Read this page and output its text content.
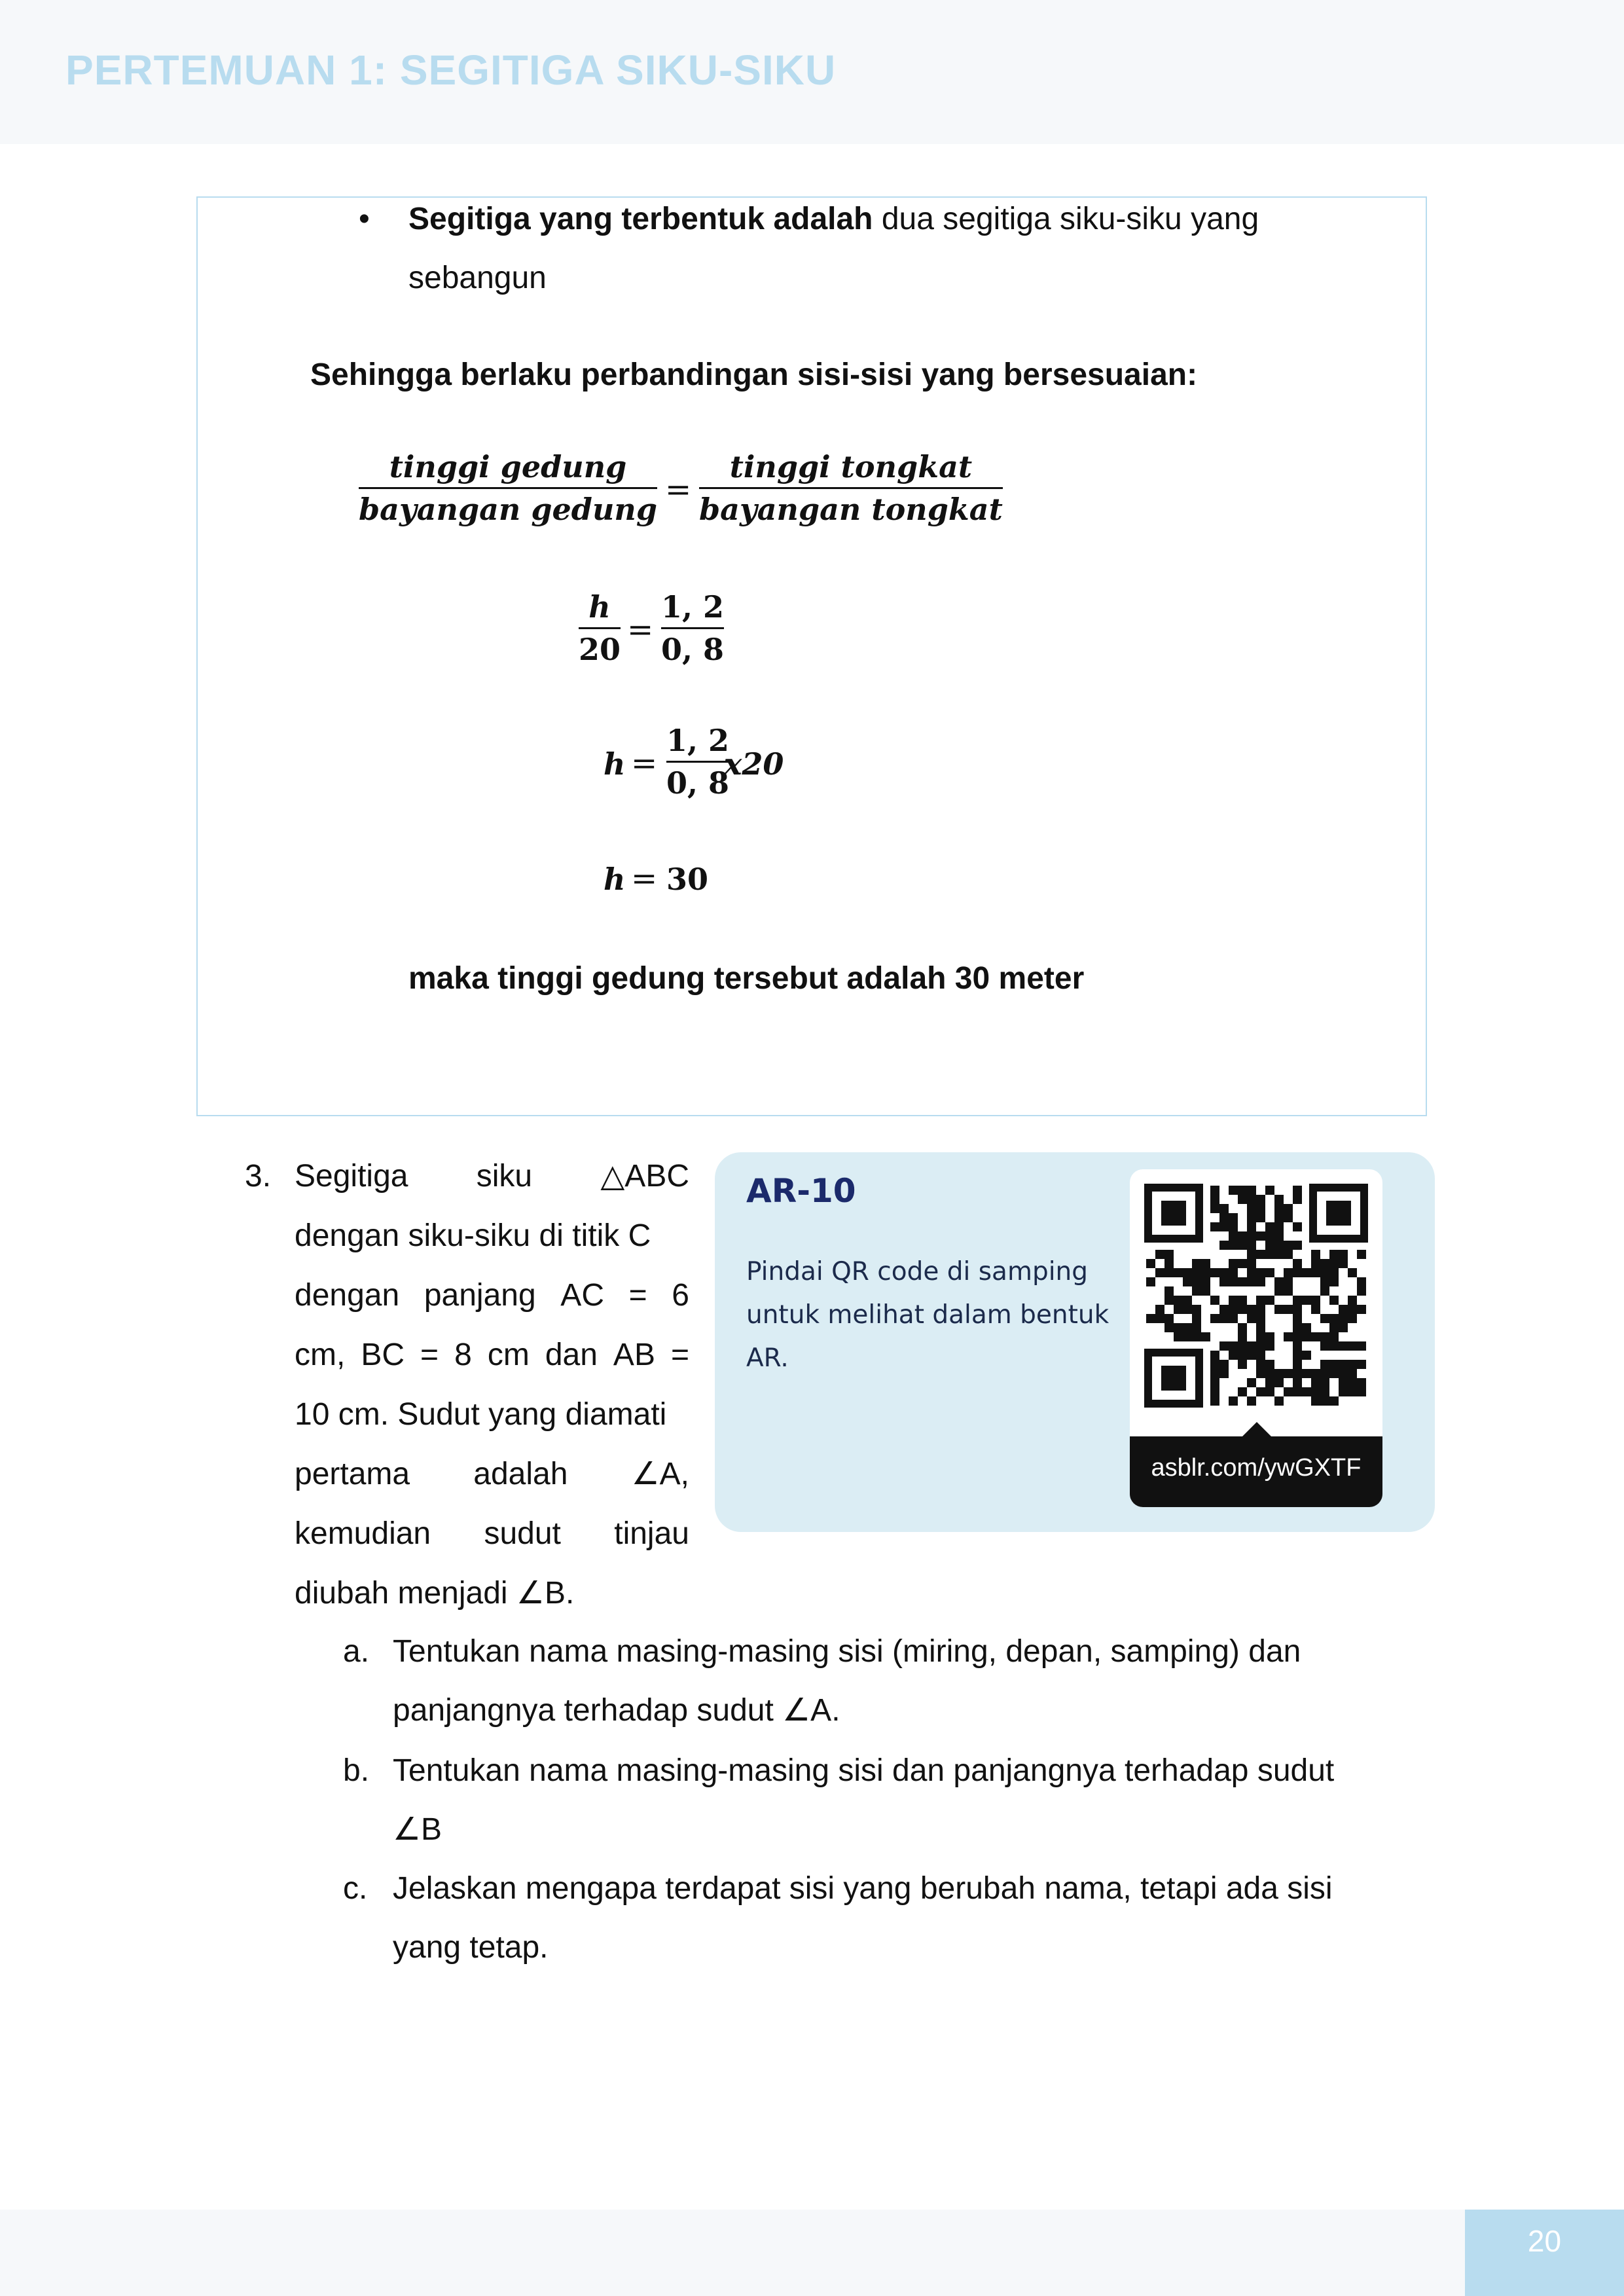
PERTEMUAN 1: SEGITIGA SIKU-SIKU
• Segitiga yang terbentuk adalah dua segitiga siku-siku yang
sebangun
Sehingga berlaku perbandingan sisi-sisi yang bersesuaian:
tinggi gedung
bayangan gedung
=
tinggi tongkat
bayangan tongkat
h
20
=
1, 2
0, 8
h =
1, 2
0, 8
x20
h = 30
maka tinggi gedung tersebut adalah 30 meter
3. Segitiga siku △ABC
dengan siku-siku di titik C
dengan panjang AC = 6
cm, BC = 8 cm dan AB =
10 cm. Sudut yang diamati
pertama adalah ∠A,
kemudian sudut tinjau
diubah menjadi ∠B.
a. Tentukan nama masing-masing sisi (miring, depan, samping) dan
panjangnya terhadap sudut ∠A.
b. Tentukan nama masing-masing sisi dan panjangnya terhadap sudut
∠B
c. Jelaskan mengapa terdapat sisi yang berubah nama, tetapi ada sisi
yang tetap.
AR-10
Pindai QR code di samping untuk melihat dalam bentuk AR.
asblr.com/ywGXTF
20
